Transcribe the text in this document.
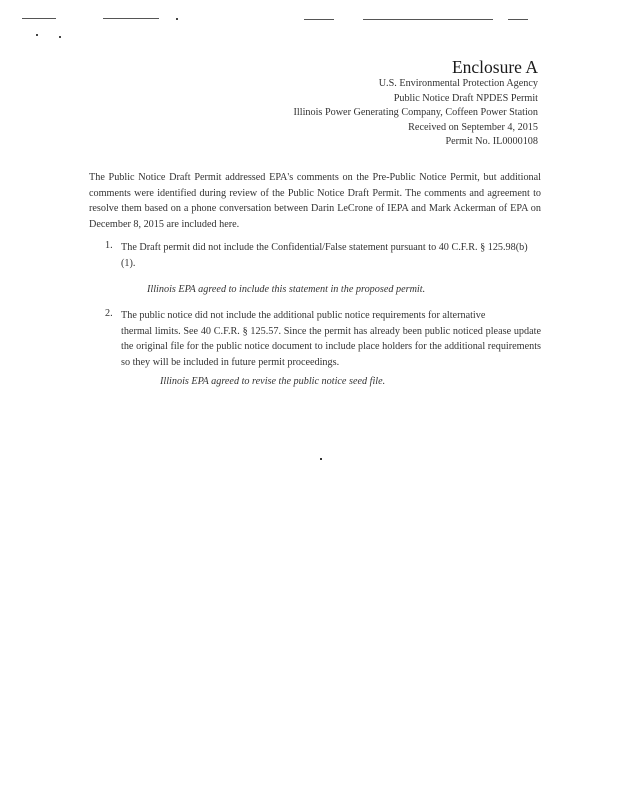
Enclosure A
U.S. Environmental Protection Agency
Public Notice Draft NPDES Permit
Illinois Power Generating Company, Coffeen Power Station
Received on September 4, 2015
Permit No. IL0000108
The Public Notice Draft Permit addressed EPA's comments on the Pre-Public Notice Permit, but additional comments were identified during review of the Public Notice Draft Permit. The comments and agreement to resolve them based on a phone conversation between Darin LeCrone of IEPA and Mark Ackerman of EPA on December 8, 2015 are included here.
1. The Draft permit did not include the Confidential/False statement pursuant to 40 C.F.R. § 125.98(b)(1).
Illinois EPA agreed to include this statement in the proposed permit.
2. The public notice did not include the additional public notice requirements for alternative
thermal limits. See 40 C.F.R. § 125.57. Since the permit has already been public noticed please update the original file for the public notice document to include place holders for the additional requirements so they will be included in future permit proceedings.
Illinois EPA agreed to revise the public notice seed file.
